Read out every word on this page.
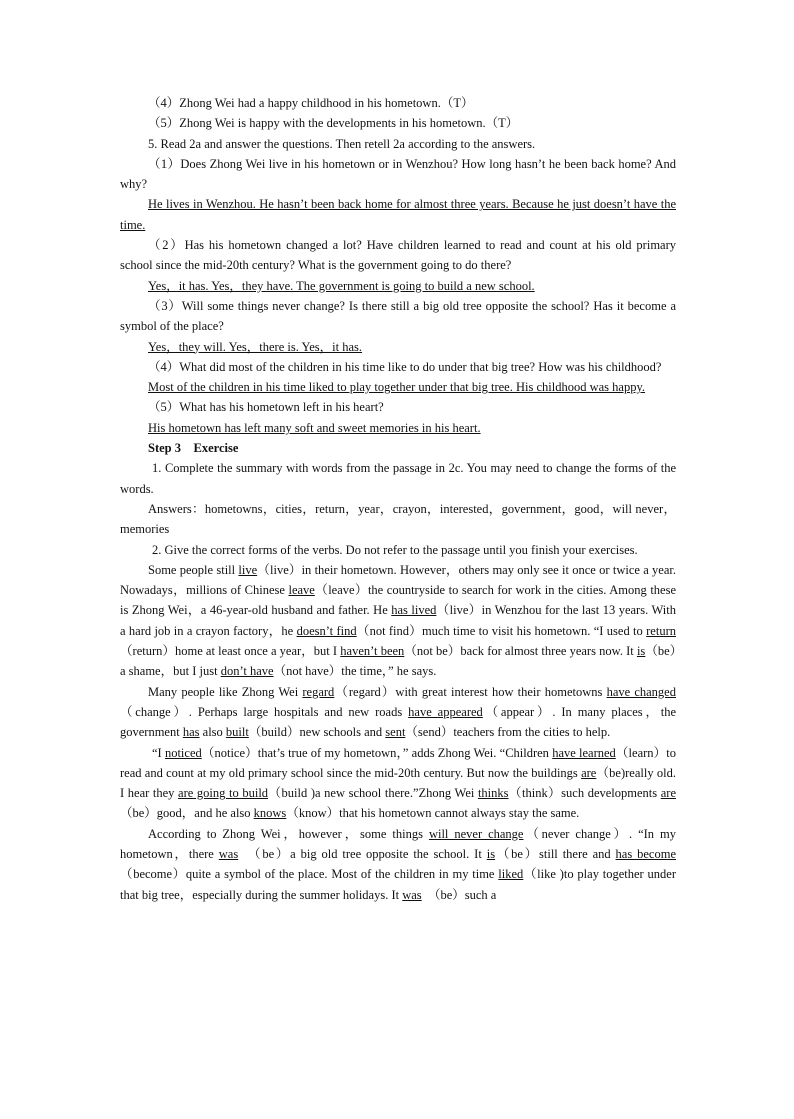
（4）Zhong Wei had a happy childhood in his hometown.（T）

（5）Zhong Wei is happy with the developments in his hometown.（T）

5. Read 2a and answer the questions. Then retell 2a according to the answers.

（1）Does Zhong Wei live in his hometown or in Wenzhou? How long hasn’t he been back home? And why?

He lives in Wenzhou. He hasn’t been back home for almost three years. Because he just doesn’t have the time.

（2）Has his hometown changed a lot? Have children learned to read and count at his old primary school since the mid-20th century? What is the government going to do there?

Yes，it has. Yes，they have. The government is going to build a new school.

（3）Will some things never change? Is there still a big old tree opposite the school? Has it become a symbol of the place?

Yes，they will. Yes，there is. Yes，it has.

（4）What did most of the children in his time like to do under that big tree? How was his childhood?

Most of the children in his time liked to play together under that big tree. His childhood was happy.

（5）What has his hometown left in his heart?

His hometown has left many soft and sweet memories in his heart.

Step 3　Exercise

1. Complete the summary with words from the passage in 2c. You may need to change the forms of the words.

Answers：hometowns，cities，return，year，crayon，interested，government，good，will never，memories

2. Give the correct forms of the verbs. Do not refer to the passage until you finish your exercises.

Some people still live（live）in their hometown. However，others may only see it once or twice a year. Nowadays，millions of Chinese leave（leave）the countryside to search for work in the cities. Among these is Zhong Wei，a 46-year-old husband and father. He has lived（live）in Wenzhou for the last 13 years. With a hard job in a crayon factory，he doesn’t find（not find）much time to visit his hometown. “I used to return（return）home at least once a year，but I haven’t been（not be）back for almost three years now. It is（be）a shame，but I just don’t have（not have）the time，” he says.

Many people like Zhong Wei regard（regard）with great interest how their hometowns have changed（change）. Perhaps large hospitals and new roads have appeared（appear）. In many places，the government has also built（build）new schools and sent（send）teachers from the cities to help.

“I noticed（notice）that’s true of my hometown，” adds Zhong Wei. “Children have learned（learn）to read and count at my old primary school since the mid-20th century. But now the buildings are（be)really old. I hear they are going to build（build )a new school there.”Zhong Wei thinks（think）such developments are（be）good，and he also knows（know）that his hometown cannot always stay the same.

According to Zhong Wei，however，some things will never change（never change）. “In my hometown，there was　（be）a big old tree opposite the school. It is（be）still there and has become（become）quite a symbol of the place. Most of the children in my time liked（like )to play together under that big tree，especially during the summer holidays. It was　（be）such a
